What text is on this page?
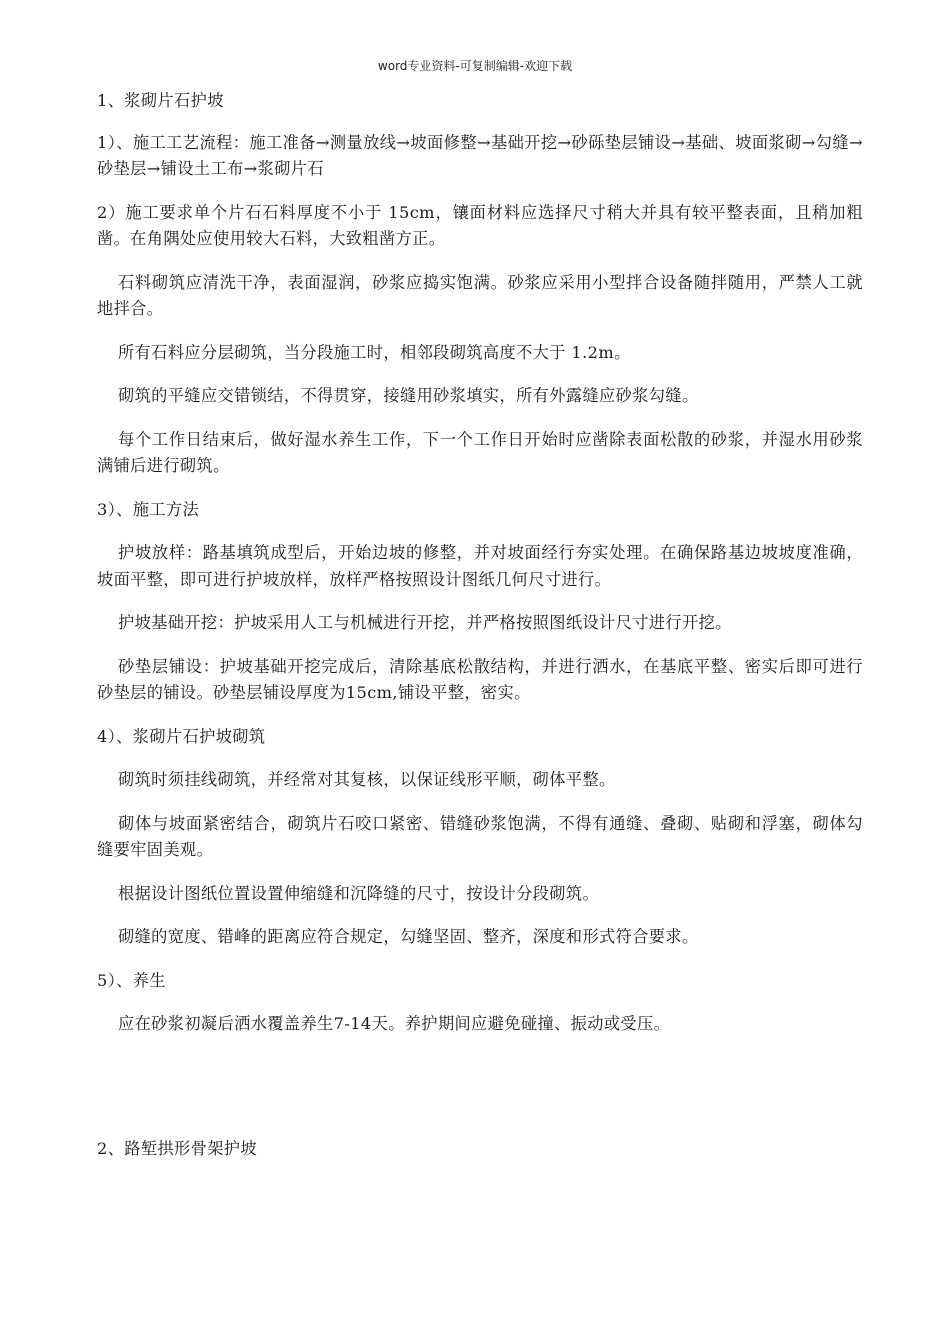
word专业资料-可复制编辑-欢迎下载

1、浆砌片石护坡

1）、施工工艺流程：施工准备→测量放线→坡面修整→基础开挖→砂砾垫层铺设→基础、坡面浆砌→勾缝→砂垫层→铺设土工布→浆砌片石

2）施工要求单个片石石料厚度不小于 15cm，镶面材料应选择尺寸稍大并具有较平整表面，且稍加粗凿。在角隅处应使用较大石料，大致粗凿方正。

石料砌筑应清洗干净，表面湿润，砂浆应捣实饱满。砂浆应采用小型拌合设备随拌随用，严禁人工就地拌合。

所有石料应分层砌筑，当分段施工时，相邻段砌筑高度不大于 1.2m。

砌筑的平缝应交错锁结，不得贯穿，接缝用砂浆填实，所有外露缝应砂浆勾缝。

每个工作日结束后，做好湿水养生工作，下一个工作日开始时应凿除表面松散的砂浆，并湿水用砂浆满铺后进行砌筑。

3）、施工方法

护坡放样：路基填筑成型后，开始边坡的修整，并对坡面经行夯实处理。在确保路基边坡坡度准确，坡面平整，即可进行护坡放样，放样严格按照设计图纸几何尺寸进行。

护坡基础开挖：护坡采用人工与机械进行开挖，并严格按照图纸设计尺寸进行开挖。

砂垫层铺设：护坡基础开挖完成后，清除基底松散结构，并进行洒水，在基底平整、密实后即可进行砂垫层的铺设。砂垫层铺设厚度为15cm,铺设平整，密实。

4）、浆砌片石护坡砌筑

砌筑时须挂线砌筑，并经常对其复核，以保证线形平顺，砌体平整。

砌体与坡面紧密结合，砌筑片石咬口紧密、错缝砂浆饱满，不得有通缝、叠砌、贴砌和浮塞，砌体勾缝要牢固美观。

根据设计图纸位置设置伸缩缝和沉降缝的尺寸，按设计分段砌筑。

砌缝的宽度、错峰的距离应符合规定，勾缝坚固、整齐，深度和形式符合要求。

5）、养生

应在砂浆初凝后洒水覆盖养生7-14天。养护期间应避免碰撞、振动或受压。

2、路堑拱形骨架护坡
